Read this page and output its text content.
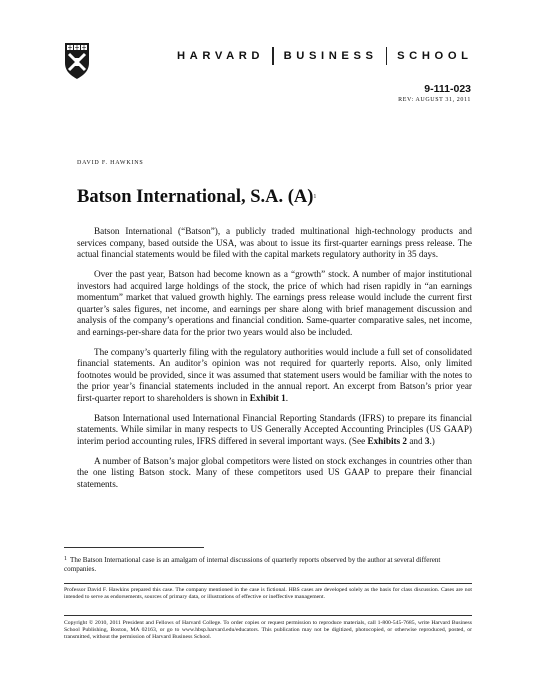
HARVARD BUSINESS SCHOOL
9-111-023
REV: AUGUST 31, 2011
DAVID F. HAWKINS
Batson International, S.A. $(A)^1$

Batson International (“Batson”), a publicly traded multinational high-technology products and services company, based outside the USA, was about to issue its first-quarter earnings press release. The actual financial statements would be filed with the capital markets regulatory authority in 35 days.

Over the past year, Batson had become known as a “growth” stock. A number of major institutional investors had acquired large holdings of the stock, the price of which had risen rapidly in “an earnings momentum” market that valued growth highly. The earnings press release would include the current first quarter’s sales figures, net income, and earnings per share along with brief management discussion and analysis of the company’s operations and financial condition. Same-quarter comparative sales, net income, and earnings-per-share data for the prior two years would also be included.

The company’s quarterly filing with the regulatory authorities would include a full set of consolidated financial statements. An auditor’s opinion was not required for quarterly reports. Also, only limited footnotes would be provided, since it was assumed that statement users would be familiar with the notes to the prior year’s financial statements included in the annual report. An excerpt from Batson’s prior year first-quarter report to shareholders is shown in Exhibit 1.

Batson International used International Financial Reporting Standards (IFRS) to prepare its financial statements. While similar in many respects to US Generally Accepted Accounting Principles (US GAAP) interim period accounting rules, IFRS differed in several important ways. (See Exhibits 2 and 3.)

A number of Batson’s major global competitors were listed on stock exchanges in countries other than the one listing Batson stock. Many of these competitors used US GAAP to prepare their financial statements.

$^1$ The Batson International case is an amalgam of internal discussions of quarterly reports observed by the author at several different companies.
Professor David F. Hawkins prepared this case. The company mentioned in the case is fictional. HBS cases are developed solely as the basis for class discussion. Cases are not intended to serve as endorsements, sources of primary data, or illustrations of effective or ineffective management.
Copyright © 2010, 2011 President and Fellows of Harvard College. To order copies or request permission to reproduce materials, call 1-800-545-7685, write Harvard Business School Publishing, Boston, MA 02163, or go to www.hbsp.harvard.edu/educators. This publication may not be digitized, photocopied, or otherwise reproduced, posted, or transmitted, without the permission of Harvard Business School.
